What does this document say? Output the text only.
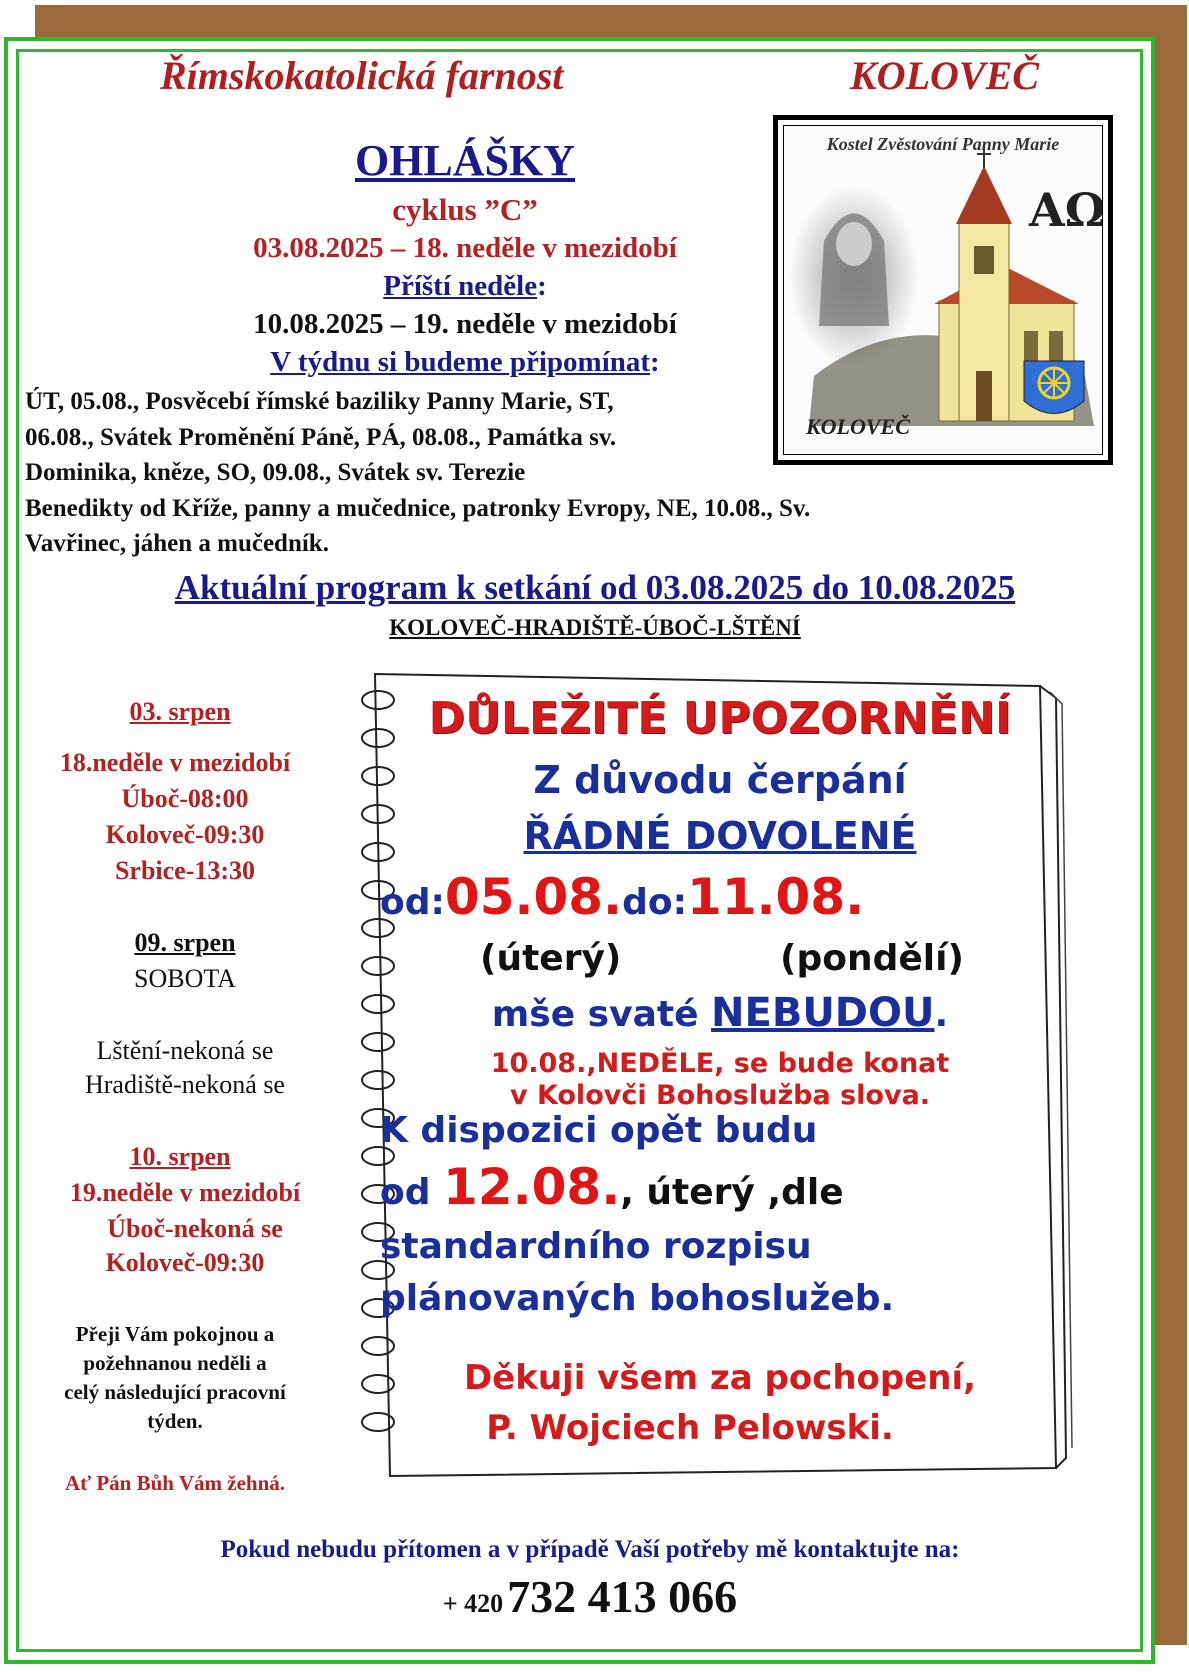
Římskokatolická farnost	KOLOVEČ
OHLÁŠKY
cyklus ”C”
03.08.2025 – 18. neděle v mezidobí
Příští neděle:
10.08.2025 – 19. neděle v mezidobí
V týdnu si budeme připomínat:
Kostel Zvěstování Panny Marie
AΩ
KOLOVEČ
ÚT, 05.08., Posvěcebí římské baziliky Panny Marie, ST,
06.08., Svátek Proměnění Páně, PÁ, 08.08., Památka sv.
Dominika, kněze, SO, 09.08., Svátek sv. Terezie
Benedikty od Kříže, panny a mučednice, patronky Evropy, NE, 10.08., Sv.
Vavřinec, jáhen a mučedník.
Aktuální program k setkání od 03.08.2025 do 10.08.2025
KOLOVEČ-HRADIŠTĚ-ÚBOČ-LŠTĚNÍ
03. srpen
18.neděle v mezidobí
Úboč-08:00
Koloveč-09:30
Srbice-13:30
09. srpen
SOBOTA
Lštění-nekoná se
Hradiště-nekoná se
10. srpen
19.neděle v mezidobí
Úboč-nekoná se
Koloveč-09:30
Přeji Vám pokojnou a
požehnanou neděli a
celý následující pracovní
týden.
Ať Pán Bůh Vám žehná.
DŮLEŽITÉ UPOZORNĚNÍ
Z důvodu čerpání
ŘÁDNÉ DOVOLENÉ
od:05.08.do:11.08.
(úterý)	(pondělí)
mše svaté NEBUDOU.
10.08.,NEDĚLE, se bude konat
v Kolovči Bohoslužba slova.
K dispozici opět budu
od 12.08., úterý ,dle
standardního rozpisu
plánovaných bohoslužeb.
Děkuji všem za pochopení,
P. Wojciech Pelowski.
Pokud nebudu přítomen a v případě Vaší potřeby mě kontaktujte na:
+ 420 732 413 066
